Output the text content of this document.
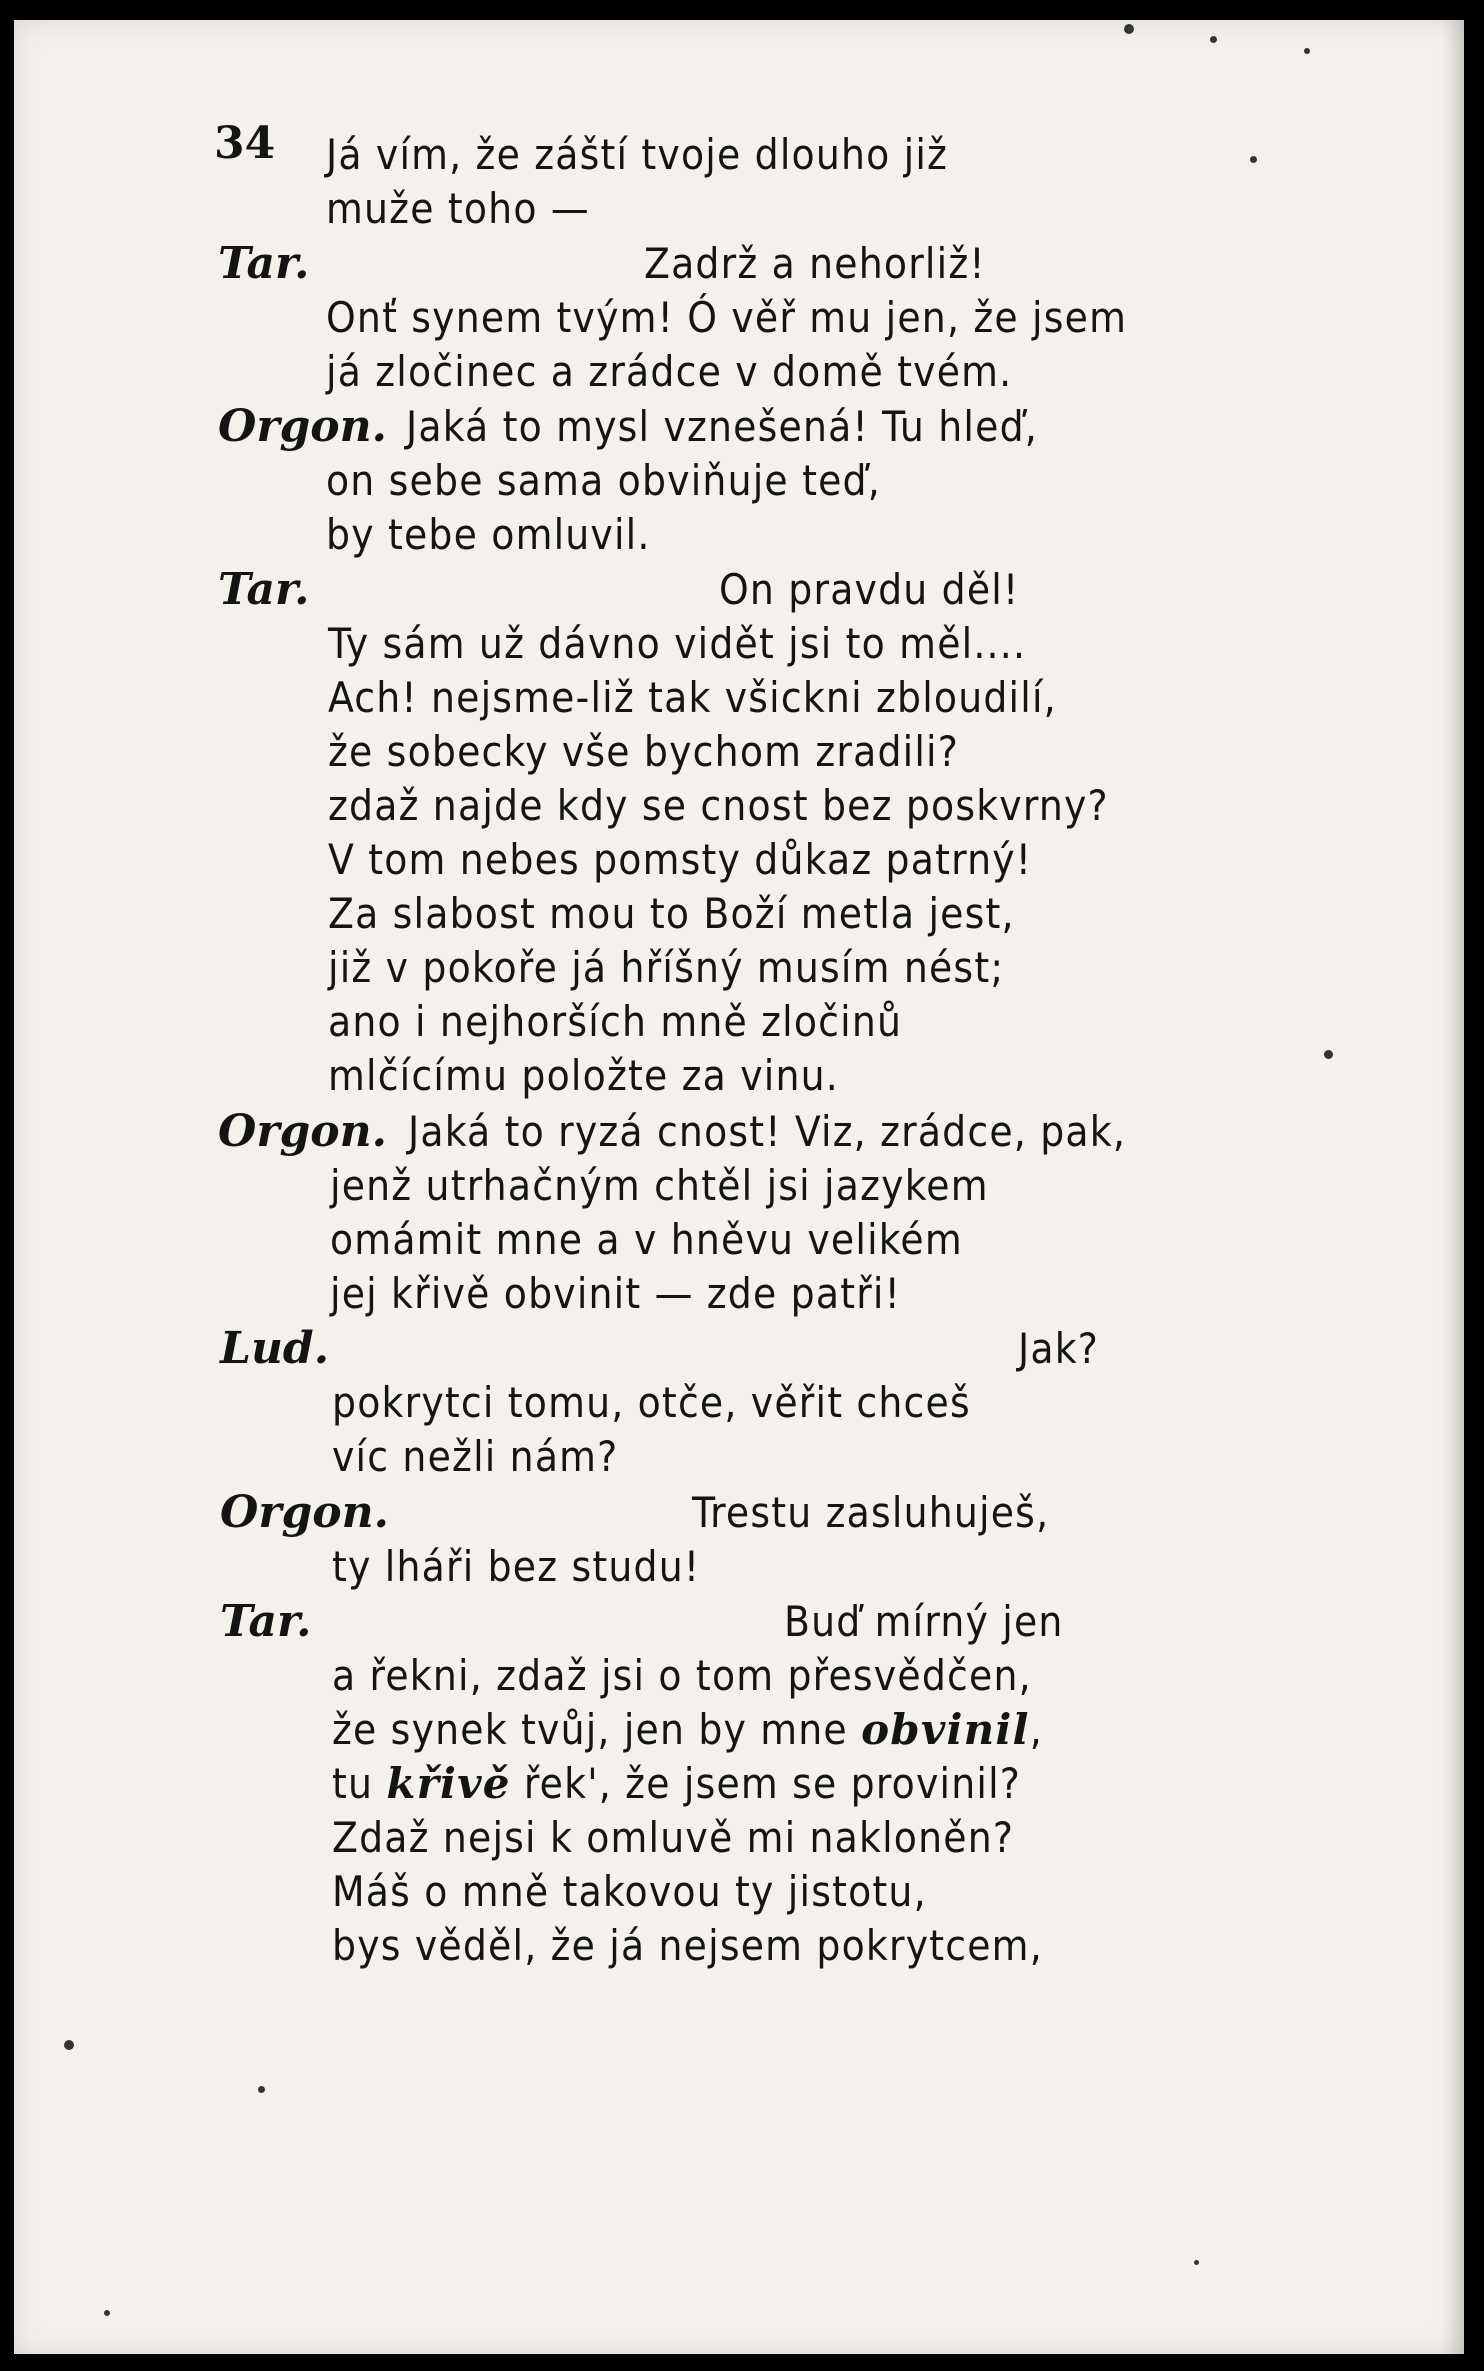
34 Já vím, že záští tvoje dlouho již
muže toho —
Tar.	Zadrž a nehorliž!
Onť synem tvým! Ó věř mu jen, že jsem
já zločinec a zrádce v domě tvém.
Orgon. Jaká to mysl vznešená! Tu hleď,
on sebe sama obviňuje teď,
by tebe omluvil.
Tar.	On pravdu děl!
Ty sám už dávno vidět jsi to měl....
Ach! nejsme-liž tak všickni zbloudilí,
že sobecky vše bychom zradili?
zdaž najde kdy se cnost bez poskvrny?
V tom nebes pomsty důkaz patrný!
Za slabost mou to Boží metla jest,
již v pokoře já hříšný musím nést;
ano i nejhorších mně zločinů
mlčícímu položte za vinu.
Orgon. Jaká to ryzá cnost! Viz, zrádce, pak,
jenž utrhačným chtěl jsi jazykem
omámit mne a v hněvu velikém
jej křivě obvinit — zde patři!
Lud.	Jak?
pokrytci tomu, otče, věřit chceš
víc nežli nám?
Orgon.	Trestu zasluhuješ,
ty lháři bez studu!
Tar.	Buď mírný jen
a řekni, zdaž jsi o tom přesvědčen,
že synek tvůj, jen by mne obvinil,
tu křivě řek', že jsem se provinil?
Zdaž nejsi k omluvě mi nakloněn?
Máš o mně takovou ty jistotu,
bys věděl, že já nejsem pokrytcem,
